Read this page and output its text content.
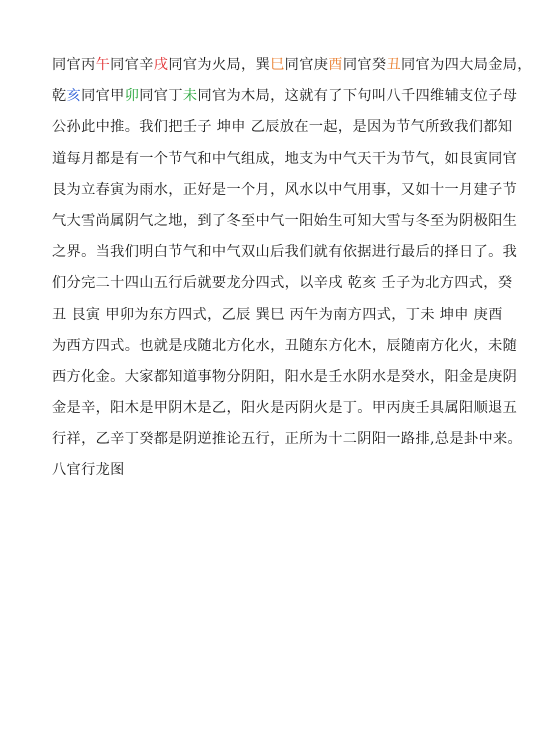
同官丙午同官辛戌同官为火局，巽巳同官庚酉同官癸丑同官为四大局金局，
乾亥同官甲卯同官丁未同官为木局，这就有了下句叫八千四维辅支位子母
公孙此中推。我们把壬子 坤申 乙辰放在一起，是因为节气所致我们都知
道每月都是有一个节气和中气组成，地支为中气天干为节气，如艮寅同官
艮为立春寅为雨水，正好是一个月，风水以中气用事，又如十一月建子节
气大雪尚属阴气之地，到了冬至中气一阳始生可知大雪与冬至为阴极阳生
之界。当我们明白节气和中气双山后我们就有依据进行最后的择日了。我
们分完二十四山五行后就要龙分四式，以辛戌 乾亥 壬子为北方四式，癸
丑 艮寅 甲卯为东方四式，乙辰 巽巳 丙午为南方四式，丁未 坤申 庚酉
为西方四式。也就是戌随北方化水，丑随东方化木，辰随南方化火，未随
西方化金。大家都知道事物分阴阳，阳水是壬水阴水是癸水，阳金是庚阴
金是辛，阳木是甲阴木是乙，阳火是丙阴火是丁。甲丙庚壬具属阳顺退五
行祥，乙辛丁癸都是阴逆推论五行，正所为十二阴阳一路排,总是卦中来。
八官行龙图
